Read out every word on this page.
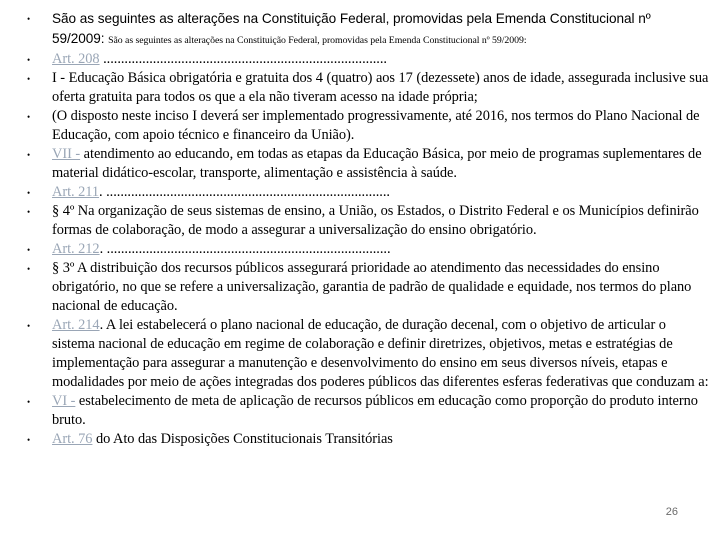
• São as seguintes as alterações na Constituição Federal, promovidas pela Emenda Constitucional nº
59/2009: São as seguintes as alterações na Constituição Federal, promovidas pela Emenda Constitucional nº 59/2009:
• Art. 208 ................................................................................
• I - Educação Básica obrigatória e gratuita dos 4 (quatro) aos 17 (dezessete) anos de idade, assegurada inclusive sua oferta gratuita para todos os que a ela não tiveram acesso na idade própria;
• (O disposto neste inciso I deverá ser implementado progressivamente, até 2016, nos termos do Plano Nacional de Educação, com apoio técnico e financeiro da União).
• VII - atendimento ao educando, em todas as etapas da Educação Básica, por meio de programas suplementares de material didático-escolar, transporte, alimentação e assistência à saúde.
• Art. 211. ................................................................................
• § 4º Na organização de seus sistemas de ensino, a União, os Estados, o Distrito Federal e os Municípios definirão formas de colaboração, de modo a assegurar a universalização do ensino obrigatório.
• Art. 212. ................................................................................
• § 3º A distribuição dos recursos públicos assegurará prioridade ao atendimento das necessidades do ensino obrigatório, no que se refere a universalização, garantia de padrão de qualidade e equidade, nos termos do plano nacional de educação.
• Art. 214. A lei estabelecerá o plano nacional de educação, de duração decenal, com o objetivo de articular o sistema nacional de educação em regime de colaboração e definir diretrizes, objetivos, metas e estratégias de implementação para assegurar a manutenção e desenvolvimento do ensino em seus diversos níveis, etapas e modalidades por meio de ações integradas dos poderes públicos das diferentes esferas federativas que conduzam a:
• VI - estabelecimento de meta de aplicação de recursos públicos em educação como proporção do produto interno bruto.
• Art. 76 do Ato das Disposições Constitucionais Transitórias
26
